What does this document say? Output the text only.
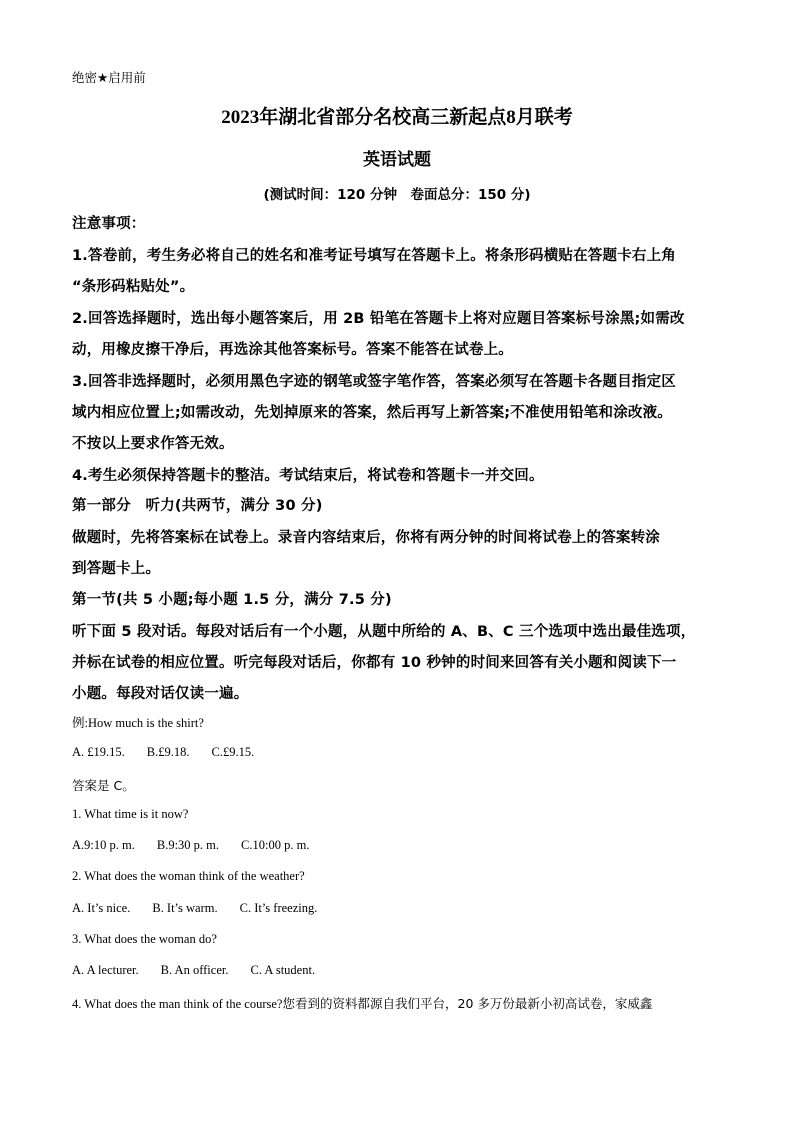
绝密★启用前
2023年湖北省部分名校高三新起点8月联考
英语试题
(测试时间：120 分钟　卷面总分：150 分)
注意事项：
1.答卷前，考生务必将自己的姓名和准考证号填写在答题卡上。将条形码横贴在答题卡右上角
“条形码粘贴处”。
2.回答选择题时，选出每小题答案后，用 2B 铅笔在答题卡上将对应题目答案标号涂黑;如需改
动，用橡皮擦干净后，再选涂其他答案标号。答案不能答在试卷上。
3.回答非选择题时，必须用黑色字迹的钢笔或签字笔作答，答案必须写在答题卡各题目指定区
域内相应位置上;如需改动，先划掉原来的答案，然后再写上新答案;不准使用铅笔和涂改液。
不按以上要求作答无效。
4.考生必须保持答题卡的整洁。考试结束后，将试卷和答题卡一并交回。
第一部分　听力(共两节，满分 30 分)
做题时，先将答案标在试卷上。录音内容结束后，你将有两分钟的时间将试卷上的答案转涂
到答题卡上。
第一节(共 5 小题;每小题 1.5 分，满分 7.5 分)
听下面 5 段对话。每段对话后有一个小题，从题中所给的 A、B、C 三个选项中选出最佳选项，
并标在试卷的相应位置。听完每段对话后，你都有 10 秒钟的时间来回答有关小题和阅读下一
小题。每段对话仅读一遍。
例:How much is the shirt?
A. £19.15. B.£9.18. C.£9.15.
答案是 C。
1. What time is it now?
A.9:10 p. m. B.9:30 p. m. C.10:00 p. m.
2. What does the woman think of the weather?
A. It’s nice. B. It’s warm. C. It’s freezing.
3. What does the woman do?
A. A lecturer. B. An officer. C. A student.
4. What does the man think of the course?您看到的资料都源自我们平台，20 多万份最新小初高试卷，家威鑫
